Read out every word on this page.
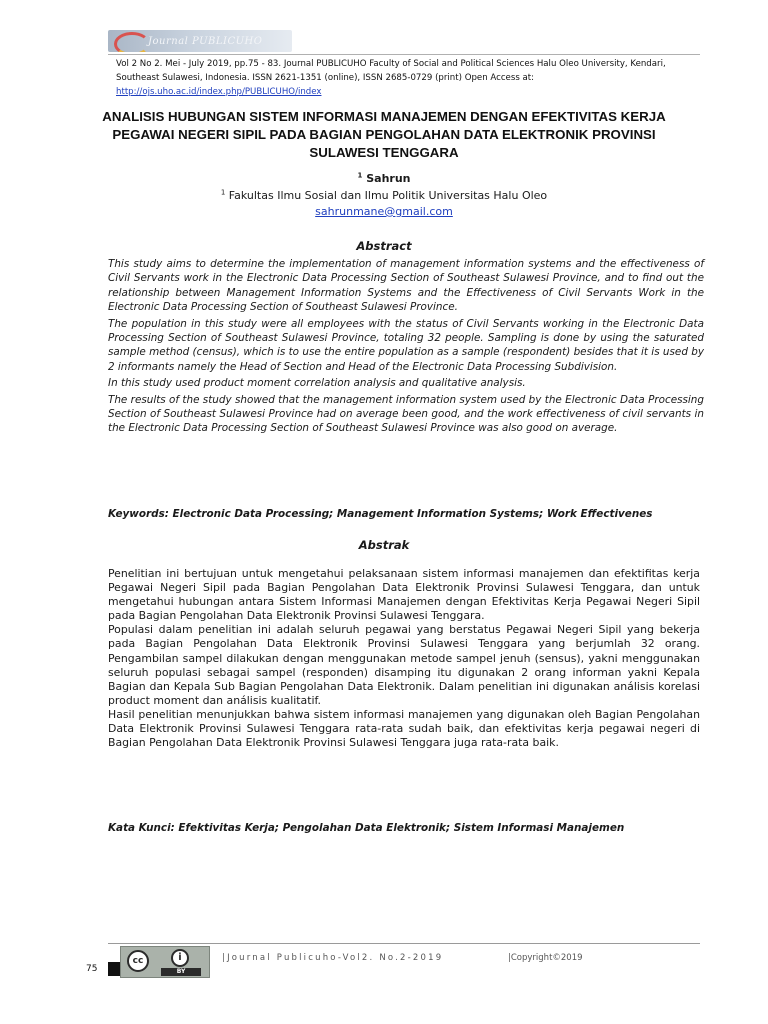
Journal PUBLICUHO
Vol 2 No 2. Mei - July 2019, pp.75 - 83. Journal PUBLICUHO Faculty of Social and Political Sciences Halu Oleo University, Kendari, Southeast Sulawesi, Indonesia. ISSN 2621-1351 (online), ISSN 2685-0729 (print) Open Access at:
http://ojs.uho.ac.id/index.php/PUBLICUHO/index
ANALISIS HUBUNGAN SISTEM INFORMASI MANAJEMEN DENGAN EFEKTIVITAS KERJA PEGAWAI NEGERI SIPIL PADA BAGIAN PENGOLAHAN DATA ELEKTRONIK PROVINSI SULAWESI TENGGARA
$^1$ Sahrun
$^1$ Fakultas Ilmu Sosial dan Ilmu Politik Universitas Halu Oleo
sahrunmane@gmail.com
Abstract

This study aims to determine the implementation of management information systems and the effectiveness of Civil Servants work in the Electronic Data Processing Section of Southeast Sulawesi Province, and to find out the relationship between Management Information Systems and the Effectiveness of Civil Servants Work in the Electronic Data Processing Section of Southeast Sulawesi Province.

The population in this study were all employees with the status of Civil Servants working in the Electronic Data Processing Section of Southeast Sulawesi Province, totaling 32 people. Sampling is done by using the saturated sample method (census), which is to use the entire population as a sample (respondent) besides that it is used by 2 informants namely the Head of Section and Head of the Electronic Data Processing Subdivision.

In this study used product moment correlation analysis and qualitative analysis.

The results of the study showed that the management information system used by the Electronic Data Processing Section of Southeast Sulawesi Province had on average been good, and the work effectiveness of civil servants in the Electronic Data Processing Section of Southeast Sulawesi Province was also good on average.

Keywords: Electronic Data Processing; Management Information Systems; Work Effectivenes
Abstrak

Penelitian ini bertujuan untuk mengetahui pelaksanaan sistem informasi manajemen dan efektifitas kerja Pegawai Negeri Sipil pada Bagian Pengolahan Data Elektronik Provinsi Sulawesi Tenggara, dan untuk mengetahui hubungan antara Sistem Informasi Manajemen dengan Efektivitas Kerja Pegawai Negeri Sipil pada Bagian Pengolahan Data Elektronik Provinsi Sulawesi Tenggara.

Populasi dalam penelitian ini adalah seluruh pegawai yang berstatus Pegawai Negeri Sipil yang bekerja pada Bagian Pengolahan Data Elektronik Provinsi Sulawesi Tenggara yang berjumlah 32 orang. Pengambilan sampel dilakukan dengan menggunakan metode sampel jenuh (sensus), yakni menggunakan seluruh populasi sebagai sampel (responden) disamping itu digunakan 2 orang informan yakni Kepala Bagian dan Kepala Sub Bagian Pengolahan Data Elektronik. Dalam penelitian ini digunakan análisis korelasi product moment dan análisis kualitatif.

Hasil penelitian menunjukkan bahwa sistem informasi manajemen yang digunakan oleh Bagian Pengolahan Data Elektronik Provinsi Sulawesi Tenggara rata-rata sudah baik, dan efektivitas kerja pegawai negeri di Bagian Pengolahan Data Elektronik Provinsi Sulawesi Tenggara juga rata-rata baik.

Kata Kunci: Efektivitas Kerja; Pengolahan Data Elektronik; Sistem Informasi Manajemen
cc	i
BY
|Journal Publicuho-Vol2. No.2-2019	|Copyright©2019
75
